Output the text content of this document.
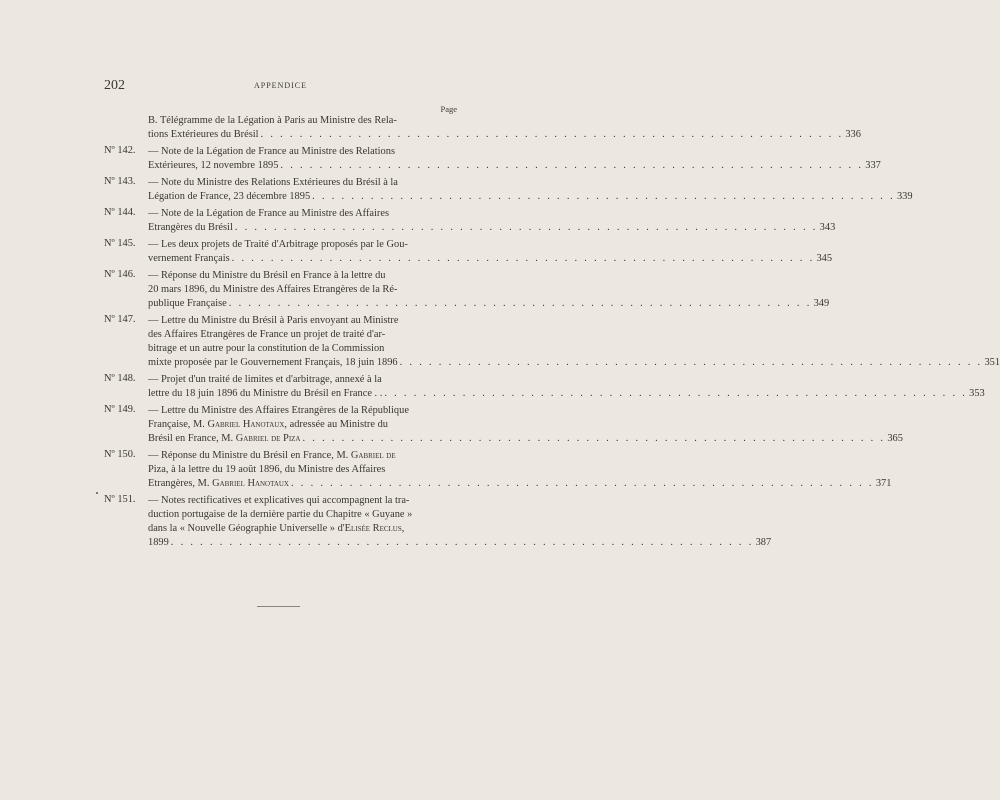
202	APPENDICE
Page
B. Télégramme de la Légation à Paris au Ministre des Rela-
tions Extérieures du Brésil . . . . . . . . . . . . . . . . . . . . . . . . . . . . . . . . . . . . . . . . . . . . . . . . . . . . . . . . . . . . 336
Nº 142.	— Note de la Légation de France au Ministre des Relations
Extérieures, 12 novembre 1895 . . . . . . . . . . . . . . . . . . . . . . . . . . . . . . . . . . . . . . . . . . . . . . . . . . . . . . . . . . . . 337
Nº 143.	— Note du Ministre des Relations Extérieures du Brésil à la
Légation de France, 23 décembre 1895 . . . . . . . . . . . . . . . . . . . . . . . . . . . . . . . . . . . . . . . . . . . . . . . . . . . . . . . . . . . . 339
Nº 144.	— Note de la Légation de France au Ministre des Affaires
Etrangères du Brésil . . . . . . . . . . . . . . . . . . . . . . . . . . . . . . . . . . . . . . . . . . . . . . . . . . . . . . . . . . . . 343
Nº 145.	— Les deux projets de Traité d'Arbitrage proposés par le Gou-
vernement Français . . . . . . . . . . . . . . . . . . . . . . . . . . . . . . . . . . . . . . . . . . . . . . . . . . . . . . . . . . . . 345
Nº 146.	— Réponse du Ministre du Brésil en France à la lettre du
20 mars 1896, du Ministre des Affaires Etrangères de la Ré-
publique Française . . . . . . . . . . . . . . . . . . . . . . . . . . . . . . . . . . . . . . . . . . . . . . . . . . . . . . . . . . . . 349
Nº 147.	— Lettre du Ministre du Brésil à Paris envoyant au Ministre
des Affaires Etrangères de France un projet de traité d'ar-
bitrage et un autre pour la constitution de la Commission
mixte proposée par le Gouvernement Français, 18 juin 1896 . . . . . . . . . . . . . . . . . . . . . . . . . . . . . . . . . . . . . . . . . . . . . . . . . . . . . . . . . . . . 351
Nº 148.	— Projet d'un traité de limites et d'arbitrage, annexé à la
lettre du 18 juin 1896 du Ministre du Brésil en France . . . . . . . . . . . . . . . . . . . . . . . . . . . . . . . . . . . . . . . . . . . . . . . . . . . . . . . . . . . . . . 353
Nº 149.	— Lettre du Ministre des Affaires Etrangères de la République
Française, M. Gabriel Hanotaux, adressée au Ministre du
Brésil en France, M. Gabriel de Piza . . . . . . . . . . . . . . . . . . . . . . . . . . . . . . . . . . . . . . . . . . . . . . . . . . . . . . . . . . . . 365
Nº 150.	— Réponse du Ministre du Brésil en France, M. Gabriel de
Piza, à la lettre du 19 août 1896, du Ministre des Affaires
Etrangères, M. Gabriel Hanotaux . . . . . . . . . . . . . . . . . . . . . . . . . . . . . . . . . . . . . . . . . . . . . . . . . . . . . . . . . . . . 371
Nº 151.	— Notes rectificatives et explicatives qui accompagnent la tra-
duction portugaise de la dernière partie du Chapitre « Guyane »
dans la « Nouvelle Géographie Universelle » d'Elisée Reclus,
1899 . . . . . . . . . . . . . . . . . . . . . . . . . . . . . . . . . . . . . . . . . . . . . . . . . . . . . . . . . . . . 387
